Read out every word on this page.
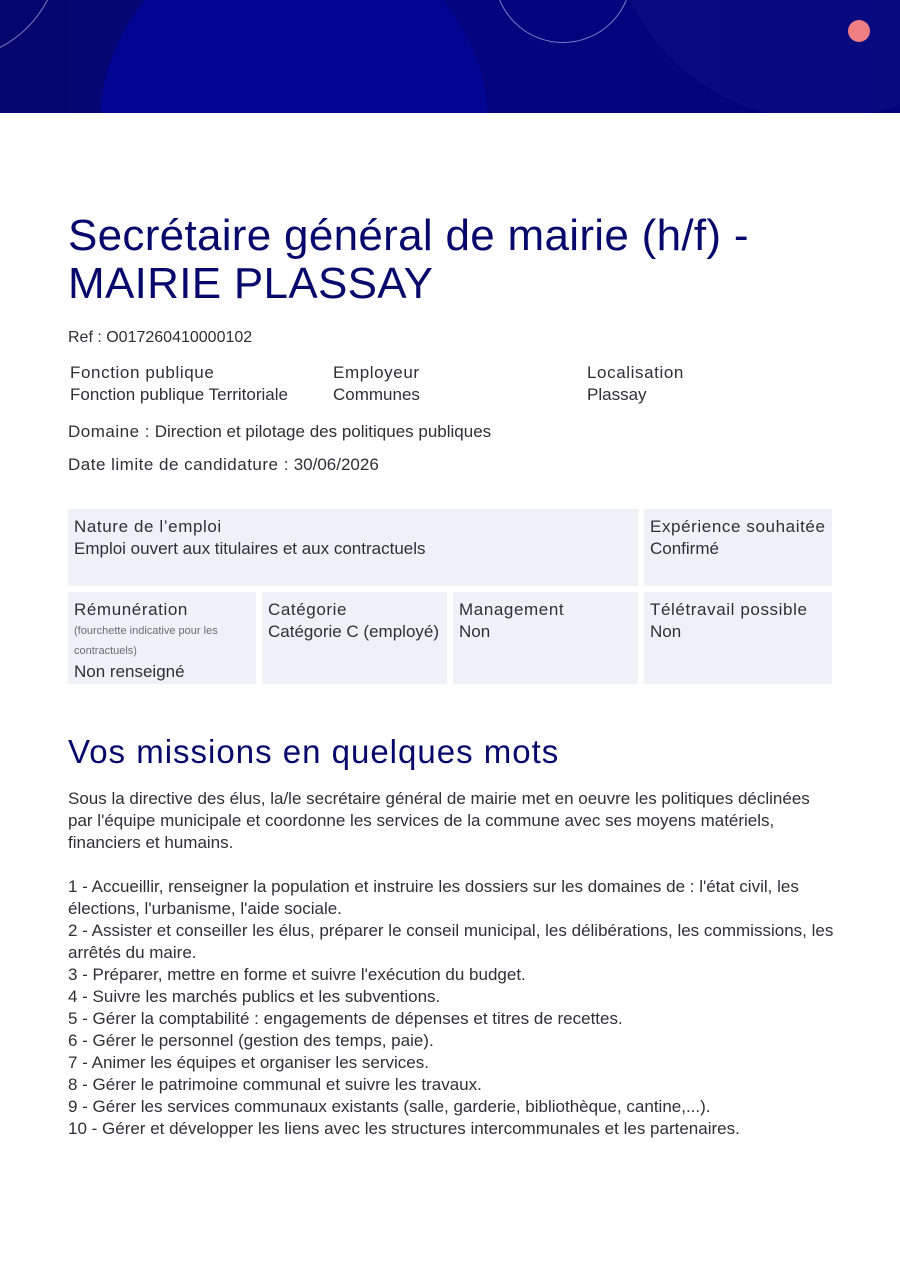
Secrétaire général de mairie (h/f) - MAIRIE PLASSAY
Ref : O017260410000102
Fonction publique
Fonction publique Territoriale
Employeur
Communes
Localisation
Plassay
Domaine : Direction et pilotage des politiques publiques
Date limite de candidature : 30/06/2026
Nature de l’emploi
Emploi ouvert aux titulaires et aux contractuels
Expérience souhaitée
Confirmé
Rémunération
(fourchette indicative pour les contractuels)
Non renseigné
Catégorie
Catégorie C (employé)
Management
Non
Télétravail possible
Non
Vos missions en quelques mots

Sous la directive des élus, la/le secrétaire général de mairie met en oeuvre les politiques déclinées par l'équipe municipale et coordonne les services de la commune avec ses moyens matériels, financiers et humains.

1 - Accueillir, renseigner la population et instruire les dossiers sur les domaines de : l'état civil, les élections, l'urbanisme, l'aide sociale.

2 - Assister et conseiller les élus, préparer le conseil municipal, les délibérations, les commissions, les arrêtés du maire.

3 - Préparer, mettre en forme et suivre l'exécution du budget.

4 - Suivre les marchés publics et les subventions.

5 - Gérer la comptabilité : engagements de dépenses et titres de recettes.

6 - Gérer le personnel (gestion des temps, paie).

7 - Animer les équipes et organiser les services.

8 - Gérer le patrimoine communal et suivre les travaux.

9 - Gérer les services communaux existants (salle, garderie, bibliothèque, cantine,...).

10 - Gérer et développer les liens avec les structures intercommunales et les partenaires.
